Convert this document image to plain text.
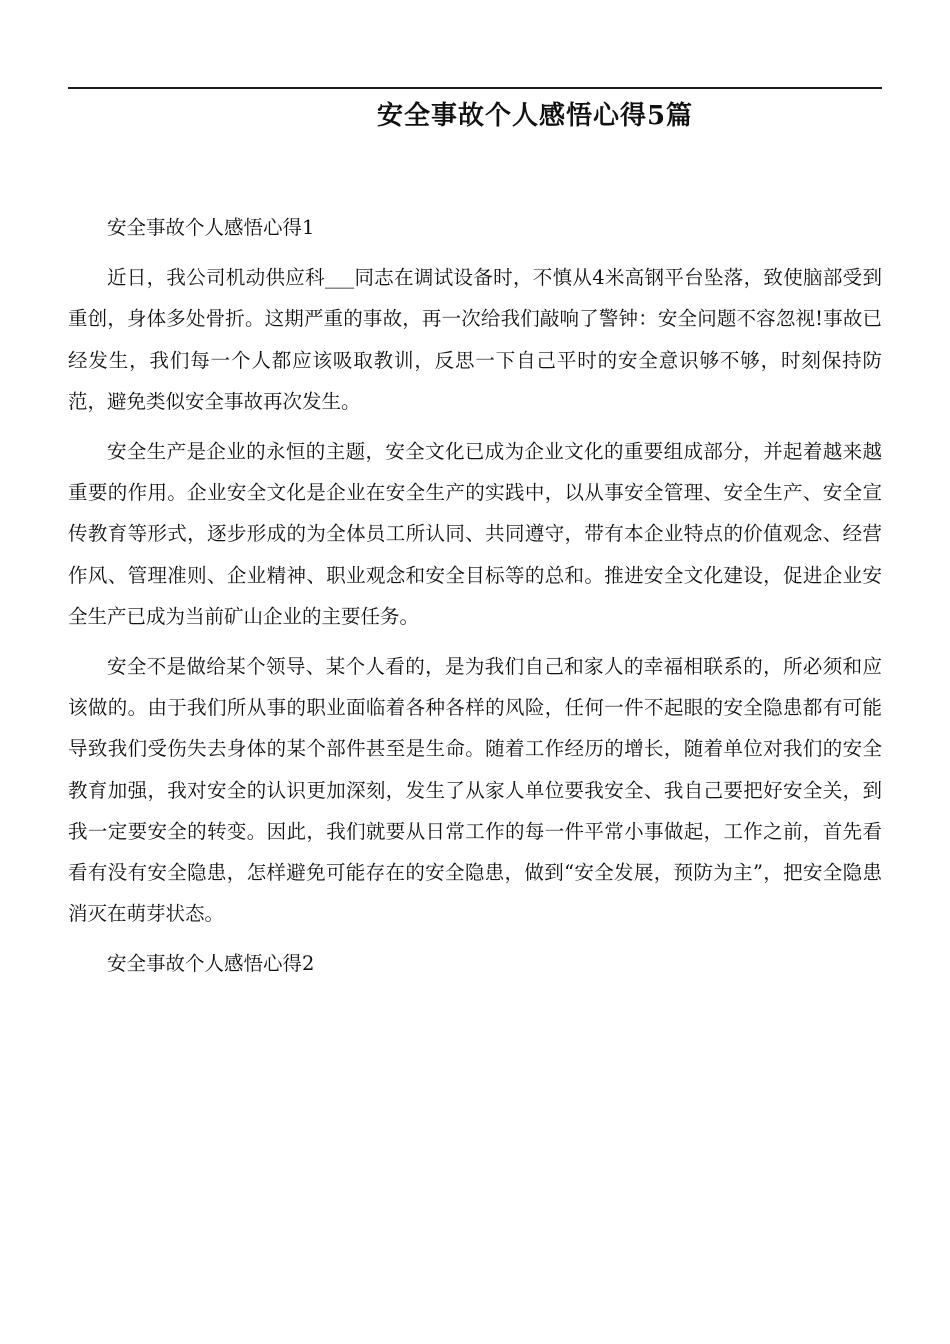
安全事故个人感悟心得5篇

安全事故个人感悟心得1

近日，我公司机动供应科___同志在调试设备时，不慎从4米高钢平台坠落，致使脑部受到重创，身体多处骨折。这期严重的事故，再一次给我们敲响了警钟：安全问题不容忽视!事故已经发生，我们每一个人都应该吸取教训，反思一下自己平时的安全意识够不够，时刻保持防范，避免类似安全事故再次发生。

安全生产是企业的永恒的主题，安全文化已成为企业文化的重要组成部分，并起着越来越重要的作用。企业安全文化是企业在安全生产的实践中，以从事安全管理、安全生产、安全宣传教育等形式，逐步形成的为全体员工所认同、共同遵守，带有本企业特点的价值观念、经营作风、管理准则、企业精神、职业观念和安全目标等的总和。推进安全文化建设，促进企业安全生产已成为当前矿山企业的主要任务。

安全不是做给某个领导、某个人看的，是为我们自己和家人的幸福相联系的，所必须和应该做的。由于我们所从事的职业面临着各种各样的风险，任何一件不起眼的安全隐患都有可能导致我们受伤失去身体的某个部件甚至是生命。随着工作经历的增长，随着单位对我们的安全教育加强，我对安全的认识更加深刻，发生了从家人单位要我安全、我自己要把好安全关，到我一定要安全的转变。因此，我们就要从日常工作的每一件平常小事做起，工作之前，首先看看有没有安全隐患，怎样避免可能存在的安全隐患，做到“安全发展，预防为主”，把安全隐患消灭在萌芽状态。

安全事故个人感悟心得2
